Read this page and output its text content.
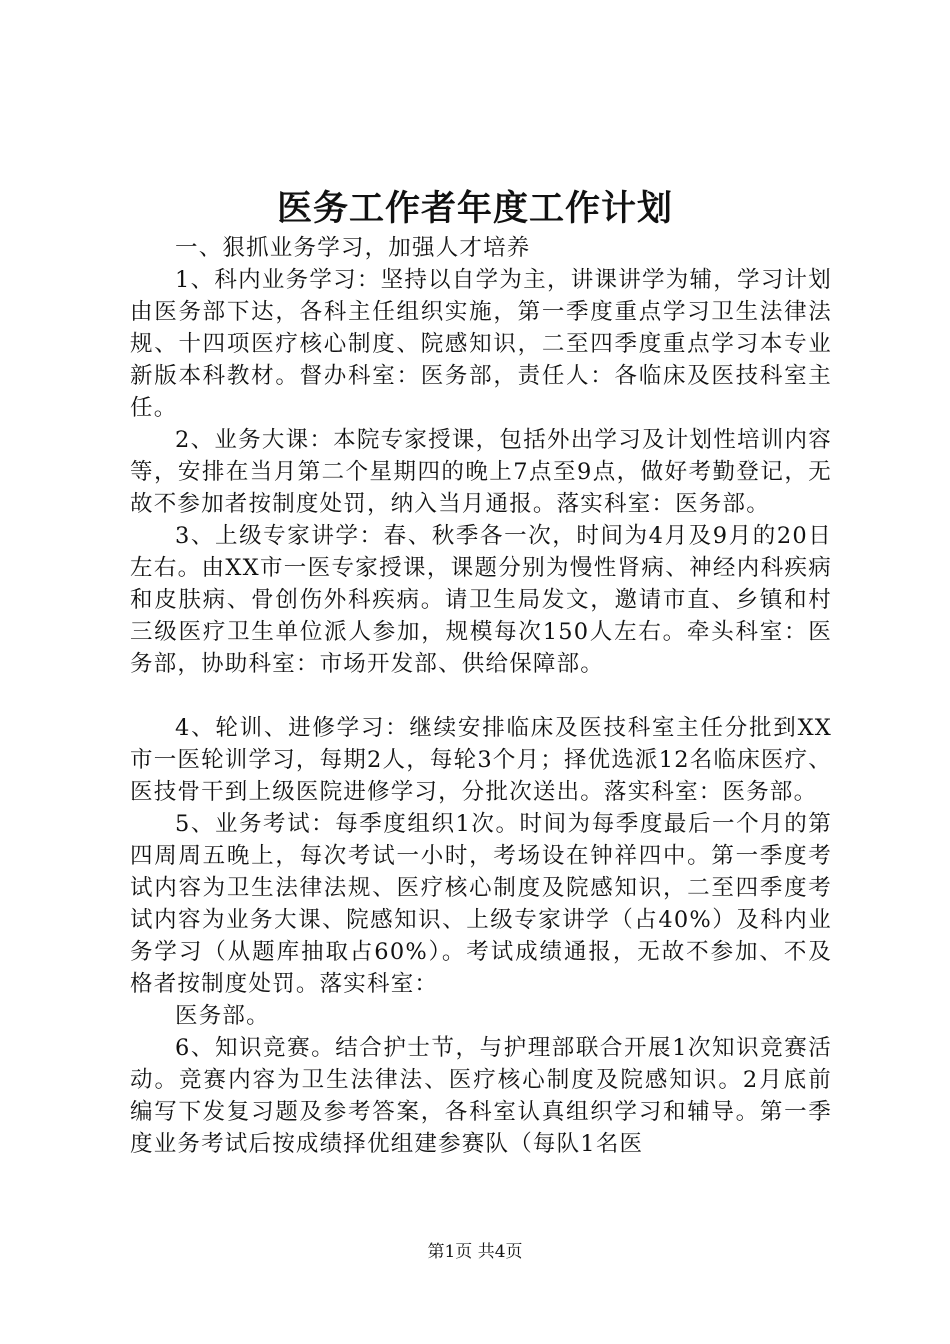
医务工作者年度工作计划

一、狠抓业务学习，加强人才培养

1、科内业务学习：坚持以自学为主，讲课讲学为辅，学习计划由医务部下达，各科主任组织实施，第一季度重点学习卫生法律法规、十四项医疗核心制度、院感知识，二至四季度重点学习本专业新版本科教材。督办科室：医务部，责任人：各临床及医技科室主任。

2、业务大课：本院专家授课，包括外出学习及计划性培训内容等，安排在当月第二个星期四的晚上7点至9点，做好考勤登记，无故不参加者按制度处罚，纳入当月通报。落实科室：医务部。

3、上级专家讲学：春、秋季各一次，时间为4月及9月的20日左右。由XX市一医专家授课，课题分别为慢性肾病、神经内科疾病和皮肤病、骨创伤外科疾病。请卫生局发文，邀请市直、乡镇和村三级医疗卫生单位派人参加，规模每次150人左右。牵头科室：医务部，协助科室：市场开发部、供给保障部。

4、轮训、进修学习：继续安排临床及医技科室主任分批到XX市一医轮训学习，每期2人，每轮3个月；择优选派12名临床医疗、医技骨干到上级医院进修学习，分批次送出。落实科室：医务部。

5、业务考试：每季度组织1次。时间为每季度最后一个月的第四周周五晚上，每次考试一小时，考场设在钟祥四中。第一季度考试内容为卫生法律法规、医疗核心制度及院感知识，二至四季度考试内容为业务大课、院感知识、上级专家讲学（占40%）及科内业务学习（从题库抽取占60%）。考试成绩通报，无故不参加、不及格者按制度处罚。落实科室：

医务部。

6、知识竞赛。结合护士节，与护理部联合开展1次知识竞赛活动。竞赛内容为卫生法律法、医疗核心制度及院感知识。2月底前编写下发复习题及参考答案，各科室认真组织学习和辅导。第一季度业务考试后按成绩择优组建参赛队（每队1名医

第1页 共4页
